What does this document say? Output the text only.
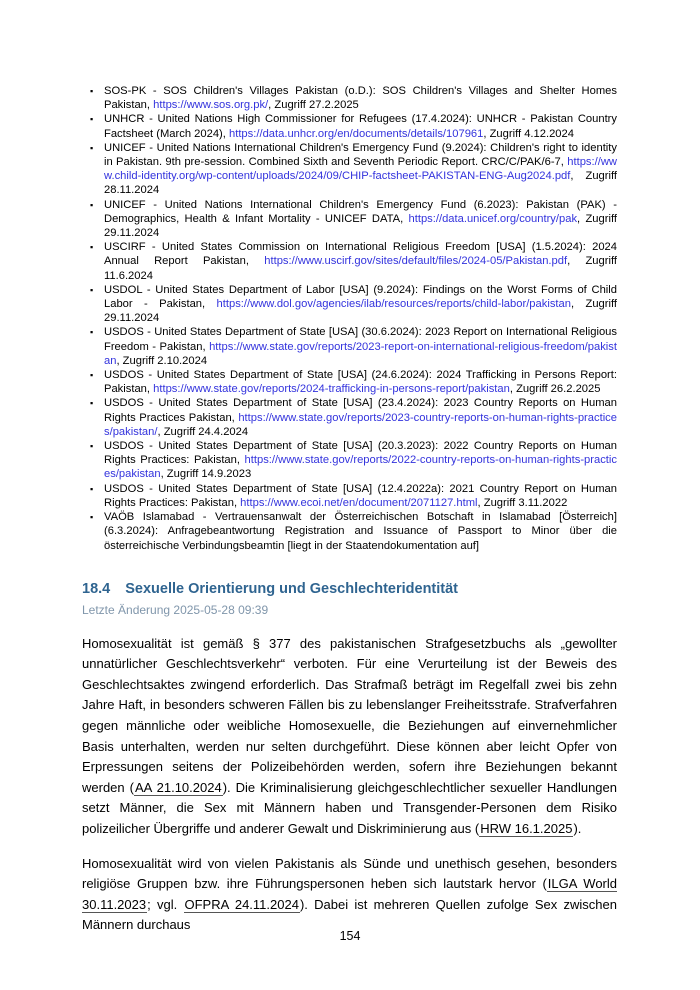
▪ SOS-PK - SOS Children's Villages Pakistan (o.D.): SOS Children's Villages and Shelter Homes Pakistan, https://www.sos.org.pk/, Zugriff 27.2.2025
▪ UNHCR - United Nations High Commissioner for Refugees (17.4.2024): UNHCR - Pakistan Country Factsheet (March 2024), https://data.unhcr.org/en/documents/details/107961, Zugriff 4.12.2024
▪ UNICEF - United Nations International Children's Emergency Fund (9.2024): Children's right to identity in Pakistan. 9th pre-session. Combined Sixth and Seventh Periodic Report. CRC/C/PAK/6-7, https://www.child-identity.org/wp-content/uploads/2024/09/CHIP-factsheet-PAKISTAN-ENG-Aug2024.pdf, Zugriff 28.11.2024
▪ UNICEF - United Nations International Children's Emergency Fund (6.2023): Pakistan (PAK) - Demographics, Health & Infant Mortality - UNICEF DATA, https://data.unicef.org/country/pak, Zugriff 29.11.2024
▪ USCIRF - United States Commission on International Religious Freedom [USA] (1.5.2024): 2024 Annual Report Pakistan, https://www.uscirf.gov/sites/default/files/2024-05/Pakistan.pdf, Zugriff 11.6.2024
▪ USDOL - United States Department of Labor [USA] (9.2024): Findings on the Worst Forms of Child Labor - Pakistan, https://www.dol.gov/agencies/ilab/resources/reports/child-labor/pakistan, Zugriff 29.11.2024
▪ USDOS - United States Department of State [USA] (30.6.2024): 2023 Report on International Religious Freedom - Pakistan, https://www.state.gov/reports/2023-report-on-international-religious-freedom/pakistan, Zugriff 2.10.2024
▪ USDOS - United States Department of State [USA] (24.6.2024): 2024 Trafficking in Persons Report: Pakistan, https://www.state.gov/reports/2024-trafficking-in-persons-report/pakistan, Zugriff 26.2.2025
▪ USDOS - United States Department of State [USA] (23.4.2024): 2023 Country Reports on Human Rights Practices Pakistan, https://www.state.gov/reports/2023-country-reports-on-human-rights-practices/pakistan/, Zugriff 24.4.2024
▪ USDOS - United States Department of State [USA] (20.3.2023): 2022 Country Reports on Human Rights Practices: Pakistan, https://www.state.gov/reports/2022-country-reports-on-human-rights-practices/pakistan, Zugriff 14.9.2023
▪ USDOS - United States Department of State [USA] (12.4.2022a): 2021 Country Report on Human Rights Practices: Pakistan, https://www.ecoi.net/en/document/2071127.html, Zugriff 3.11.2022
▪ VAÖB Islamabad - Vertrauensanwalt der Österreichischen Botschaft in Islamabad [Österreich] (6.3.2024): Anfragebeantwortung Registration and Issuance of Passport to Minor über die österreichische Verbindungsbeamtin [liegt in der Staatendokumentation auf]
18.4 Sexuelle Orientierung und Geschlechteridentität
Letzte Änderung 2025-05-28 09:39

Homosexualität ist gemäß § 377 des pakistanischen Strafgesetzbuchs als „gewollter unnatürlicher Geschlechtsverkehr“ verboten. Für eine Verurteilung ist der Beweis des Geschlechtsaktes zwingend erforderlich. Das Strafmaß beträgt im Regelfall zwei bis zehn Jahre Haft, in besonders schweren Fällen bis zu lebenslanger Freiheitsstrafe. Strafverfahren gegen männliche oder weibliche Homosexuelle, die Beziehungen auf einvernehmlicher Basis unterhalten, werden nur selten durchgeführt. Diese können aber leicht Opfer von Erpressungen seitens der Polizeibehörden werden, sofern ihre Beziehungen bekannt werden (AA 21.10.2024). Die Kriminalisierung gleichgeschlechtlicher sexueller Handlungen setzt Männer, die Sex mit Männern haben und Transgender-Personen dem Risiko polizeilicher Übergriffe und anderer Gewalt und Diskriminierung aus (HRW 16.1.2025).

Homosexualität wird von vielen Pakistanis als Sünde und unethisch gesehen, besonders religiöse Gruppen bzw. ihre Führungspersonen heben sich lautstark hervor (ILGA World 30.11.2023; vgl. OFPRA 24.11.2024). Dabei ist mehreren Quellen zufolge Sex zwischen Männern durchaus

154
